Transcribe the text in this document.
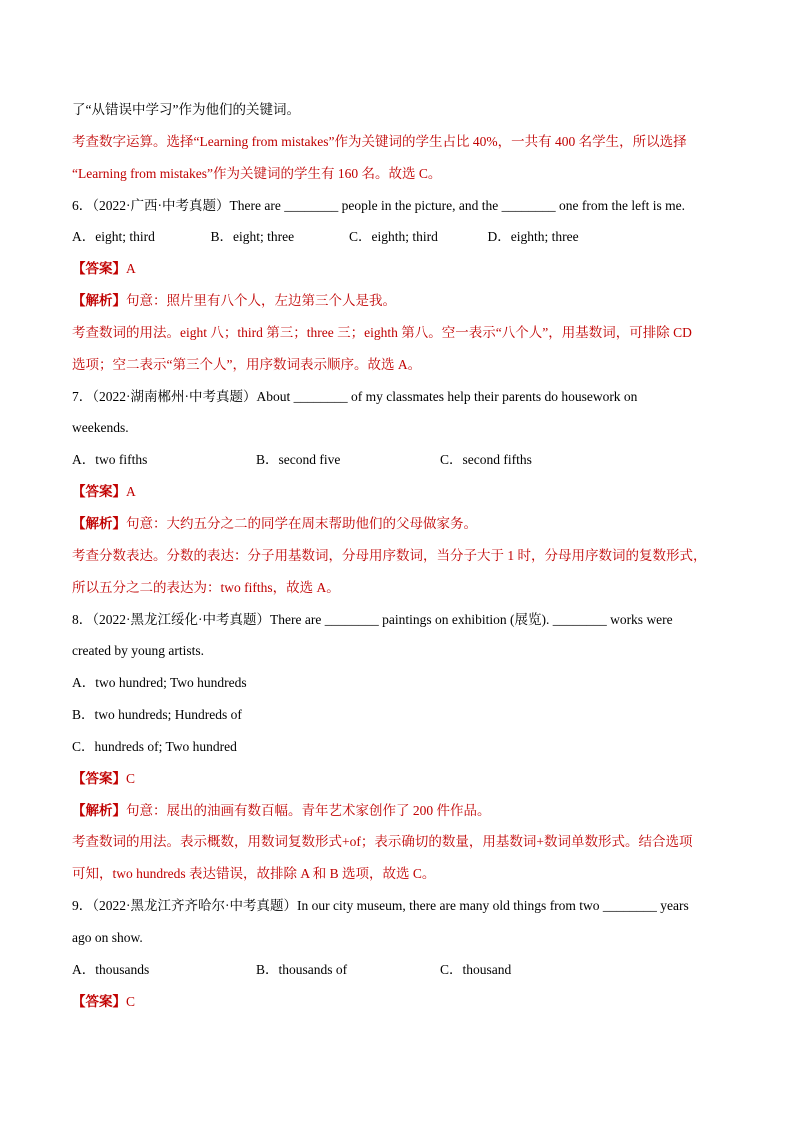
了“从错误中学习”作为他们的关键词。
考查数字运算。选择“Learning from mistakes”作为关键词的学生占比 40%，一共有 400 名学生，所以选择
“Learning from mistakes”作为关键词的学生有 160 名。故选 C。
6．（2022·广西·中考真题）There are ________ people in the picture, and the ________ one from the left is me.
A．eight; third	B．eight; three	C．eighth; third	D．eighth; three
【答案】A
【解析】句意：照片里有八个人，左边第三个人是我。
考查数词的用法。eight 八；third 第三；three 三；eighth 第八。空一表示“八个人”，用基数词，可排除 CD
选项；空二表示“第三个人”，用序数词表示顺序。故选 A。
7．（2022·湖南郴州·中考真题）About ________ of my classmates help their parents do housework on
weekends.
A．two fifths	B．second five	C．second fifths
【答案】A
【解析】句意：大约五分之二的同学在周末帮助他们的父母做家务。
考查分数表达。分数的表达：分子用基数词，分母用序数词，当分子大于 1 时，分母用序数词的复数形式，
所以五分之二的表达为：two fifths，故选 A。
8．（2022·黑龙江绥化·中考真题）There are ________ paintings on exhibition (展览). ________ works were
created by young artists.
A．two hundred; Two hundreds
B．two hundreds; Hundreds of
C．hundreds of; Two hundred
【答案】C
【解析】句意：展出的油画有数百幅。青年艺术家创作了 200 件作品。
考查数词的用法。表示概数，用数词复数形式+of；表示确切的数量，用基数词+数词单数形式。结合选项
可知，two hundreds 表达错误，故排除 A 和 B 选项，故选 C。
9．（2022·黑龙江齐齐哈尔·中考真题）In our city museum, there are many old things from two ________ years
ago on show.
A．thousands	B．thousands of	C．thousand
【答案】C
